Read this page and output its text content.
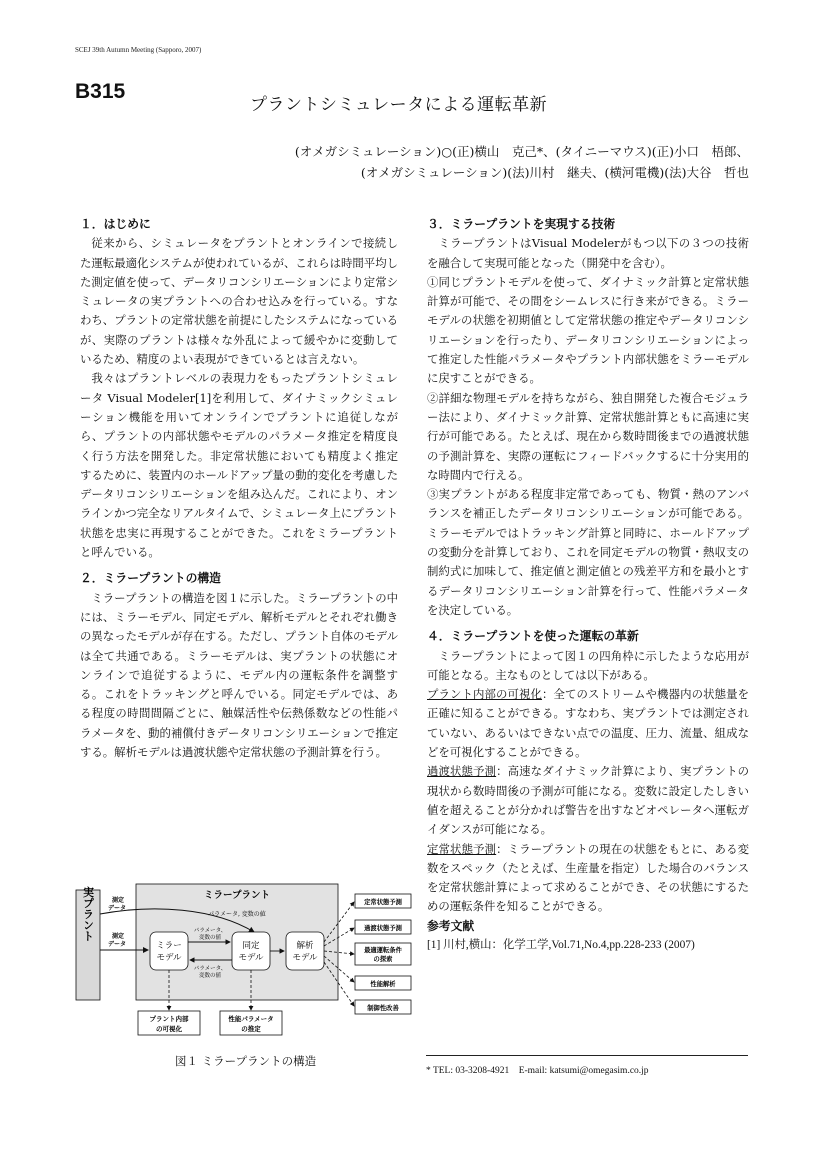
SCEJ 39th Autumn Meeting (Sapporo, 2007)
B315
プラントシミュレータによる運転革新
(オメガシミュレーション)○(正)横山　克己*、(タイニーマウス)(正)小口　梧郎、
(オメガシミュレーション)(法)川村　継夫、(横河電機)(法)大谷　哲也
１．はじめに

従来から、シミュレータをプラントとオンラインで接続した運転最適化システムが使われているが、これらは時間平均した測定値を使って、データリコンシリエーションにより定常シミュレータの実プラントへの合わせ込みを行っている。すなわち、プラントの定常状態を前提にしたシステムになっているが、実際のプラントは様々な外乱によって緩やかに変動しているため、精度のよい表現ができているとは言えない。

我々はプラントレベルの表現力をもったプラントシミュレータ Visual Modeler[1]を利用して、ダイナミックシミュレーション機能を用いてオンラインでプラントに追従しながら、プラントの内部状態やモデルのパラメータ推定を精度良く行う方法を開発した。非定常状態においても精度よく推定するために、装置内のホールドアップ量の動的変化を考慮したデータリコンシリエーションを組み込んだ。これにより、オンラインかつ完全なリアルタイムで、シミュレータ上にプラント状態を忠実に再現することができた。これをミラープラントと呼んでいる。

２．ミラープラントの構造

ミラープラントの構造を図１に示した。ミラープラントの中には、ミラーモデル、同定モデル、解析モデルとそれぞれ働きの異なったモデルが存在する。ただし、プラント自体のモデルは全て共通である。ミラーモデルは、実プラントの状態にオンラインで追従するように、モデル内の運転条件を調整する。これをトラッキングと呼んでいる。同定モデルでは、ある程度の時間間隔ごとに、触媒活性や伝熱係数などの性能パラメータを、動的補償付きデータリコンシリエーションで推定する。解析モデルは過渡状態や定常状態の予測計算を行う。

３．ミラープラントを実現する技術

ミラープラントはVisual Modelerがもつ以下の３つの技術を融合して実現可能となった（開発中を含む）。

①同じプラントモデルを使って、ダイナミック計算と定常状態計算が可能で、その間をシームレスに行き来ができる。ミラーモデルの状態を初期値として定常状態の推定やデータリコンシリエーションを行ったり、データリコンシリエーションによって推定した性能パラメータやプラント内部状態をミラーモデルに戻すことができる。

②詳細な物理モデルを持ちながら、独自開発した複合モジュラー法により、ダイナミック計算、定常状態計算ともに高速に実行が可能である。たとえば、現在から数時間後までの過渡状態の予測計算を、実際の運転にフィードバックするに十分実用的な時間内で行える。

③実プラントがある程度非定常であっても、物質・熱のアンバランスを補正したデータリコンシリエーションが可能である。ミラーモデルではトラッキング計算と同時に、ホールドアップの変動分を計算しており、これを同定モデルの物質・熱収支の制約式に加味して、推定値と測定値との残差平方和を最小とするデータリコンシリエーション計算を行って、性能パラメータを決定している。

４．ミラープラントを使った運転の革新

ミラープラントによって図１の四角枠に示したような応用が可能となる。主なものとしては以下がある。

プラント内部の可視化：全てのストリームや機器内の状態量を正確に知ることができる。すなわち、実プラントでは測定されていない、あるいはできない点での温度、圧力、流量、組成などを可視化することができる。

過渡状態予測：高速なダイナミック計算により、実プラントの現状から数時間後の予測が可能になる。変数に設定したしきい値を超えることが分かれば警告を出すなどオペレータへ運転ガイダンスが可能になる。

定常状態予測：ミラープラントの現在の状態をもとに、ある変数をスペック（たとえば、生産量を指定）した場合のバランスを定常状態計算によって求めることができ、その状態にするための運転条件を知ることができる。

参考文献

[1] 川村,横山：化学工学,Vol.71,No.4,pp.228-233 (2007)

実プラント	ミラープラント
測定
データ
測定
データ
パラメータ, 変数の値
ミラー
モデル
同定
モデル
解析
モデル
パラメータ、
変数の値
パラメータ、
変数の値
定常状態予測
過渡状態予測
最適運転条件
の探索
性能解析
制御性改善
プラント内部
の可視化
性能パラメータ
の推定
図１ ミラープラントの構造
* TEL: 03-3208-4921　E-mail: katsumi@omegasim.co.jp
